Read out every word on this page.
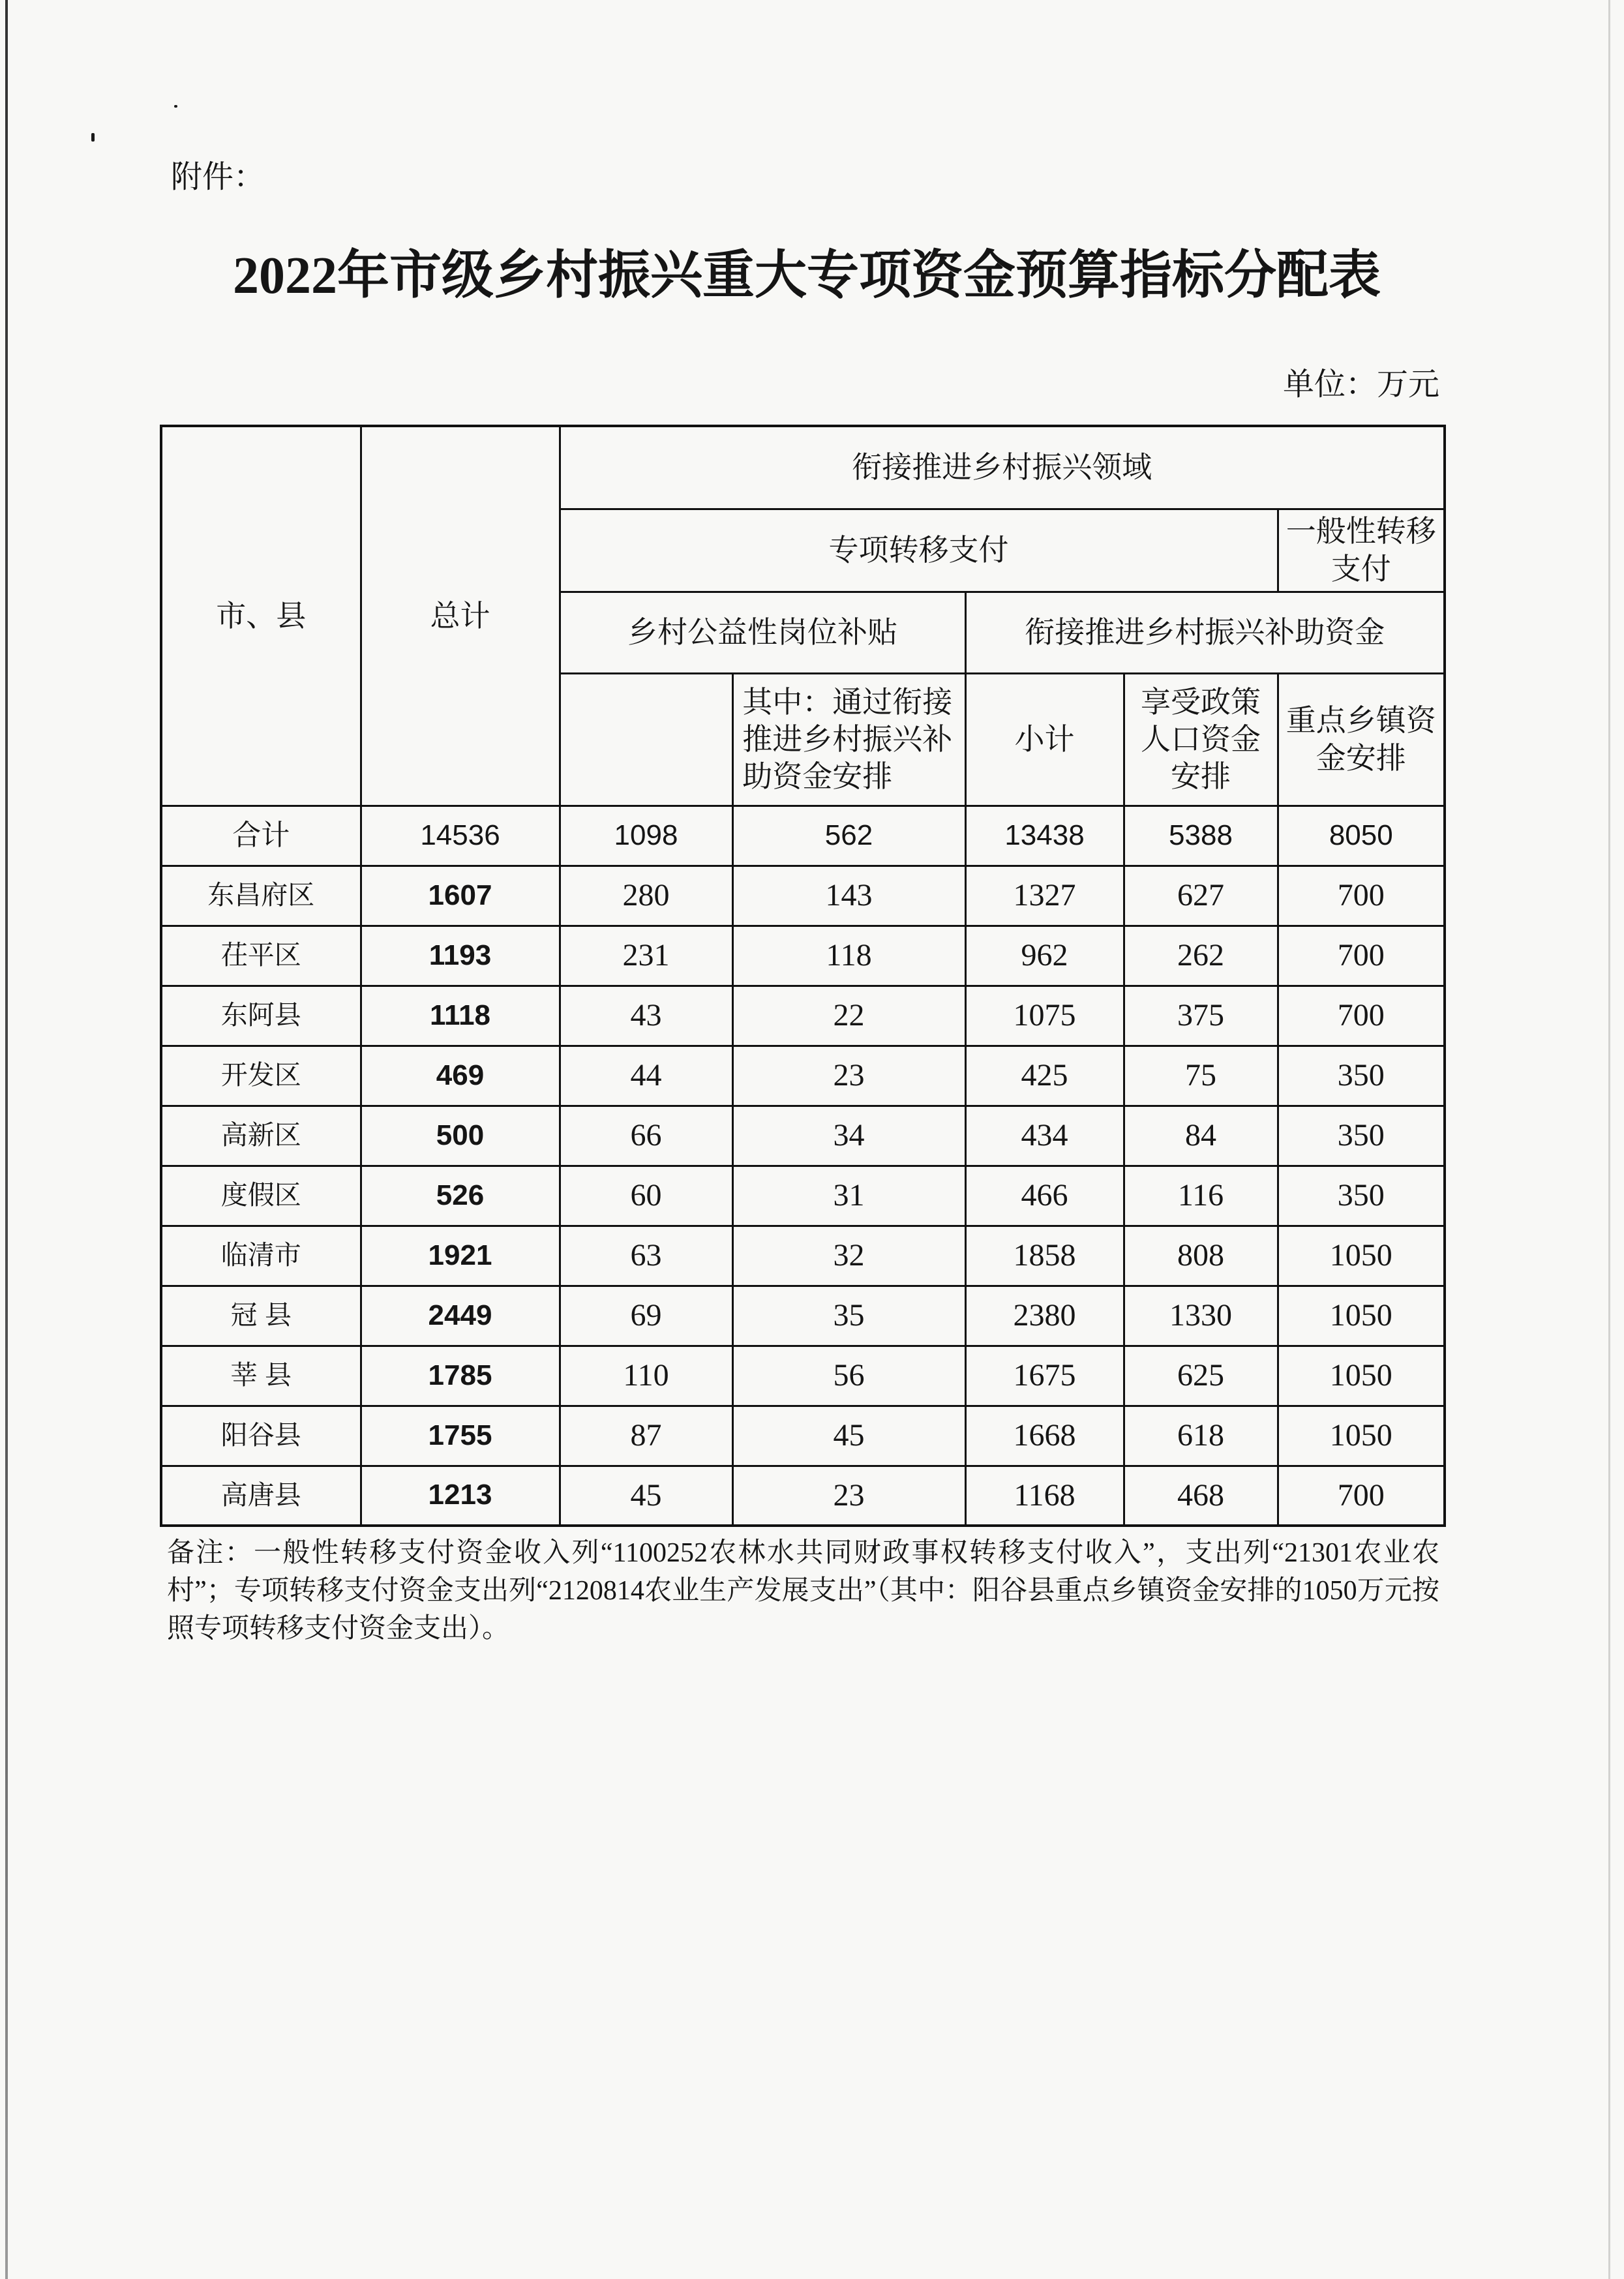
附件：
2022年市级乡村振兴重大专项资金预算指标分配表
单位：万元
市、县	总计	衔接推进乡村振兴领域				
		专项转移支付				一般性转移支付
		乡村公益性岗位补贴		衔接推进乡村振兴补助资金		
			其中：通过衔接推进乡村振兴补助资金安排	小计	享受政策人口资金安排	重点乡镇资金安排
合计	14536	1098	562	13438	5388	8050
东昌府区	1607	280	143	1327	627	700
茌平区	1193	231	118	962	262	700
东阿县	1118	43	22	1075	375	700
开发区	469	44	23	425	75	350
高新区	500	66	34	434	84	350
度假区	526	60	31	466	116	350
临清市	1921	63	32	1858	808	1050
冠 县	2449	69	35	2380	1330	1050
莘 县	1785	110	56	1675	625	1050
阳谷县	1755	87	45	1668	618	1050
高唐县	1213	45	23	1168	468	700
备注：一般性转移支付资金收入列“1100252农林水共同财政事权转移支付收入”，支出列“21301农业农村”；专项转移支付资金支出列“2120814农业生产发展支出”（其中：阳谷县重点乡镇资金安排的1050万元按照专项转移支付资金支出）。
